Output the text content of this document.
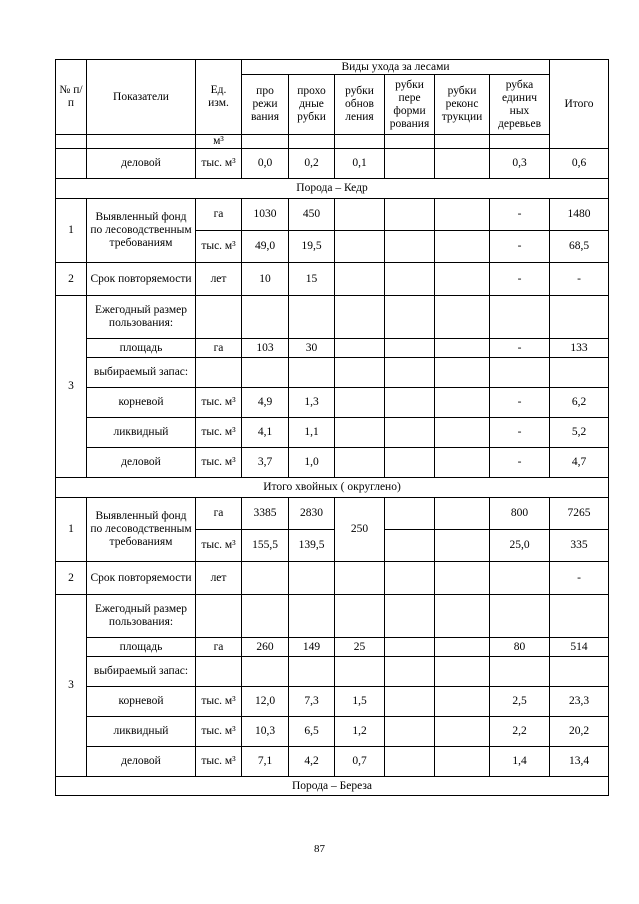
№ п/п	Показатели	Ед. изм.	Виды ухода за лесами						Итого
			про режи вания	прохо дные рубки	рубки обнов ления	рубки пере форми рования	рубки реконс трукции	рубка единич ных деревьев	
		м³							
	деловой	тыс. м³	0,0	0,2	0,1			0,3	0,6
Порода – Кедр									
1	Выявленный фонд по лесоводственным требованиям	га	1030	450				-	1480
		тыс. м³	49,0	19,5				-	68,5
2	Срок повторяемости	лет	10	15				-	-
3	Ежегодный размер пользования:								
	площадь	га	103	30				-	133
	выбираемый запас:								
	корневой	тыс. м³	4,9	1,3				-	6,2
	ликвидный	тыс. м³	4,1	1,1				-	5,2
	деловой	тыс. м³	3,7	1,0				-	4,7
Итого хвойных ( округлено)									
1	Выявленный фонд по лесоводственным требованиям	га	3385	2830	250			800	7265
		тыс. м³	155,5	139,5				25,0	335
2	Срок повторяемости	лет							-
3	Ежегодный размер пользования:								
	площадь	га	260	149	25			80	514
	выбираемый запас:								
	корневой	тыс. м³	12,0	7,3	1,5			2,5	23,3
	ликвидный	тыс. м³	10,3	6,5	1,2			2,2	20,2
	деловой	тыс. м³	7,1	4,2	0,7			1,4	13,4
Порода – Береза									
87
